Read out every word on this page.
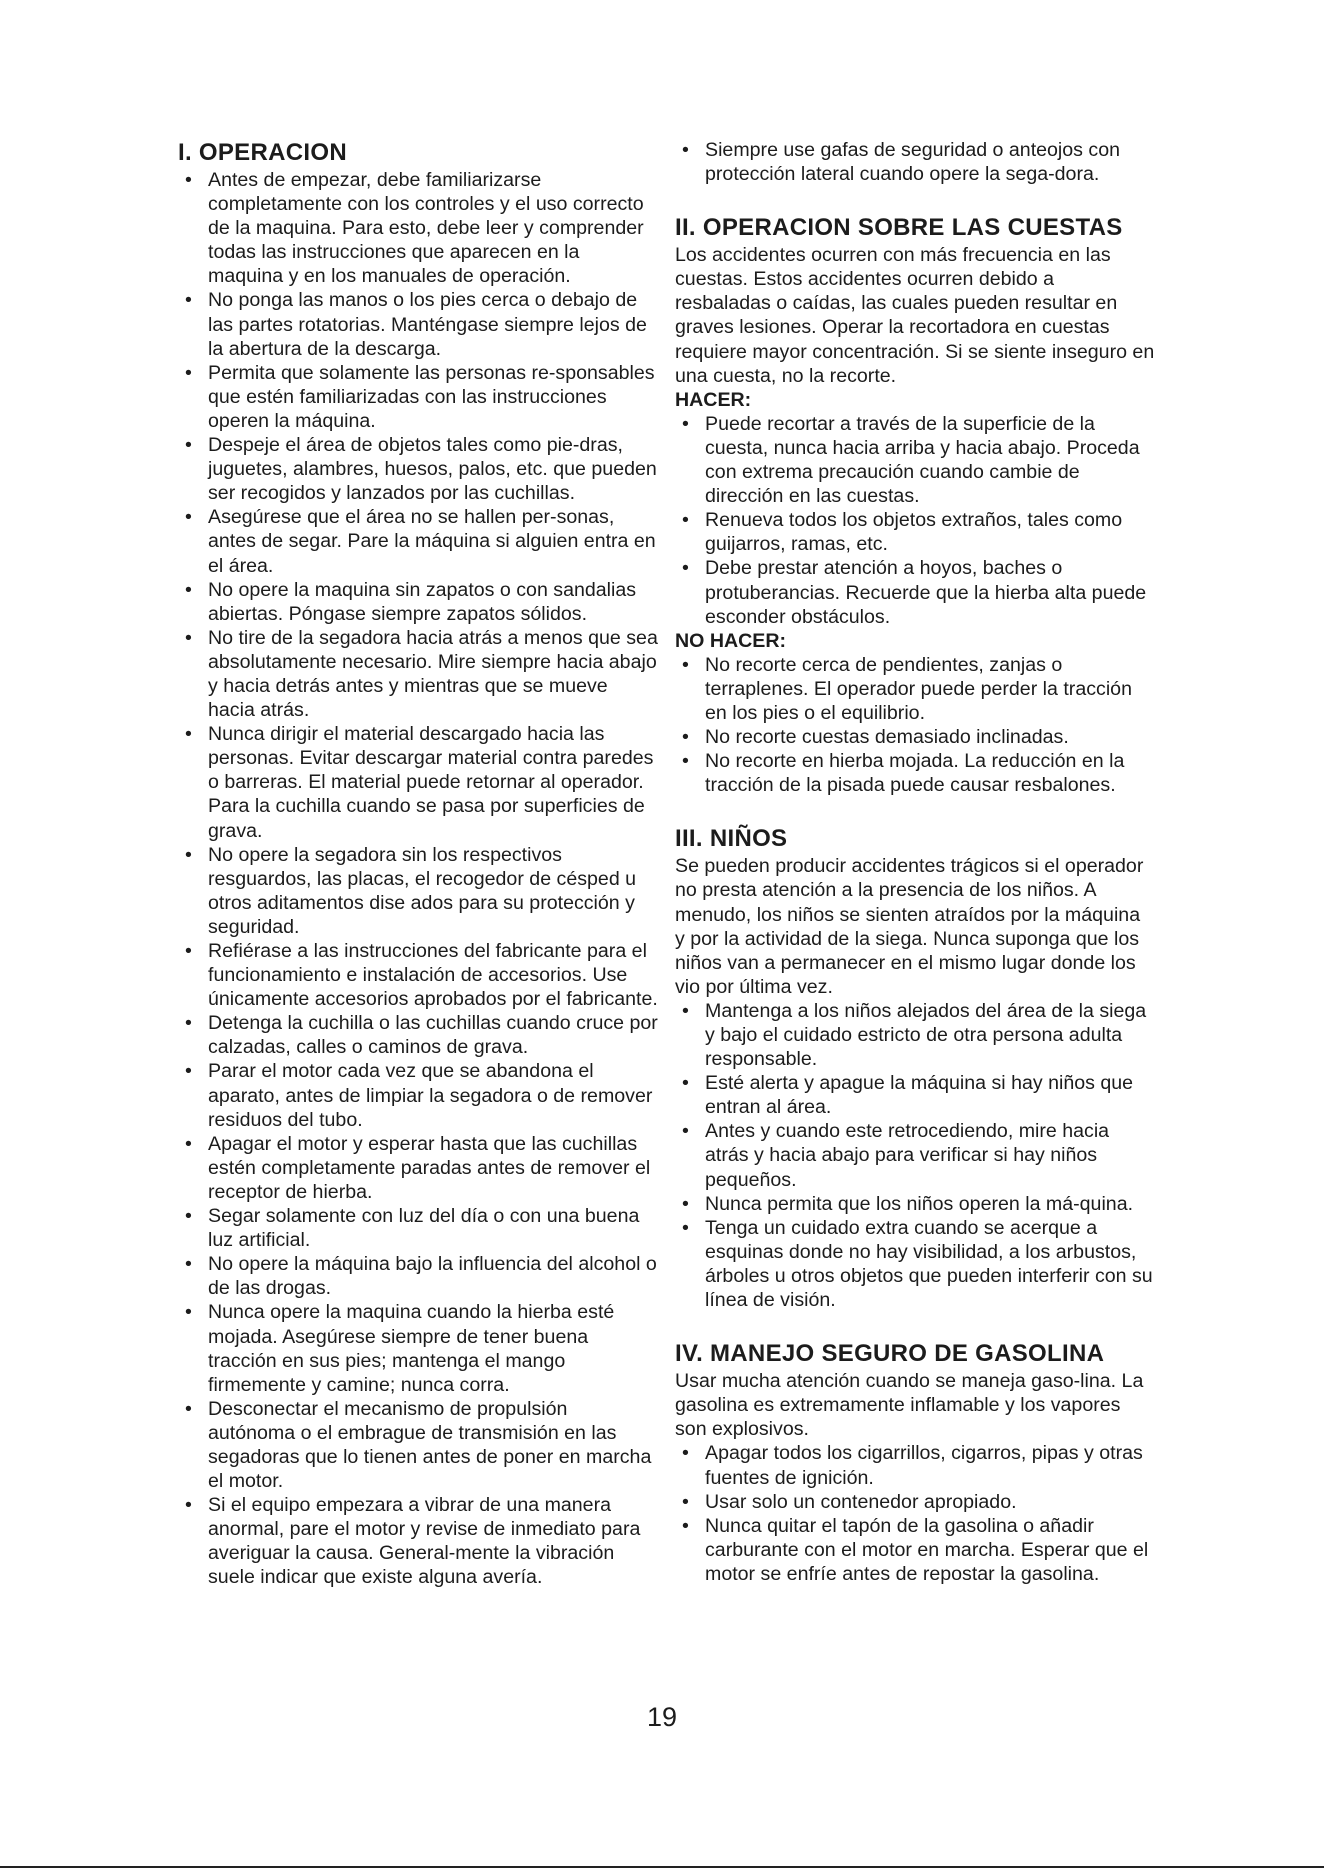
I. OPERACION
• Antes de empezar, debe familiarizarse completamente con los controles y el uso correcto de la maquina. Para esto, debe leer y comprender todas las instrucciones que aparecen en la maquina y en los manuales de operación.
• No ponga las manos o los pies cerca o debajo de las partes rotatorias. Manténgase siempre lejos de la abertura de la descarga.
• Permita que solamente las personas re-sponsables que estén familiarizadas con las instrucciones operen la máquina.
• Despeje el área de objetos tales como pie-dras, juguetes, alambres, huesos, palos, etc. que pueden ser recogidos y lanzados por las cuchillas.
• Asegúrese que el área no se hallen per-sonas, antes de segar. Pare la máquina si alguien entra en el área.
• No opere la maquina sin zapatos o con sandalias abiertas. Póngase siempre zapatos sólidos.
• No tire de la segadora hacia atrás a menos que sea absolutamente necesario. Mire siempre hacia abajo y hacia detrás antes y mientras que se mueve hacia atrás.
• Nunca dirigir el material descargado hacia las personas. Evitar descargar material contra paredes o barreras. El material puede retornar al operador. Para la cuchilla cuando se pasa por superficies de grava.
• No opere la segadora sin los respectivos resguardos, las placas, el recogedor de césped u otros aditamentos dise ados para su protección y seguridad.
• Refiérase a las instrucciones del fabricante para el funcionamiento e instalación de accesorios. Use únicamente accesorios aprobados por el fabricante.
• Detenga la cuchilla o las cuchillas cuando cruce por calzadas, calles o caminos de grava.
• Parar el motor cada vez que se abandona el aparato, antes de limpiar la segadora o de remover residuos del tubo.
• Apagar el motor y esperar hasta que las cuchillas estén completamente paradas antes de remover el receptor de hierba.
• Segar solamente con luz del día o con una buena luz artificial.
• No opere la máquina bajo la influencia del alcohol o de las drogas.
• Nunca opere la maquina cuando la hierba esté mojada. Asegúrese siempre de tener buena tracción en sus pies; mantenga el mango firmemente y camine; nunca corra.
• Desconectar el mecanismo de propulsión autónoma o el embrague de transmisión en las segadoras que lo tienen antes de poner en marcha el motor.
• Si el equipo empezara a vibrar de una manera anormal, pare el motor y revise de inmediato para averiguar la causa. General-mente la vibración suele indicar que existe alguna avería.
• Siempre use gafas de seguridad o anteojos con protección lateral cuando opere la sega-dora.
II. OPERACION SOBRE LAS CUESTAS

Los accidentes ocurren con más frecuencia en las cuestas. Estos accidentes ocurren debido a resbaladas o caídas, las cuales pueden resultar en graves lesiones. Operar la recortadora en cuestas requiere mayor concentración. Si se siente inseguro en una cuesta, no la recorte.

HACER:
• Puede recortar a través de la superficie de la cuesta, nunca hacia arriba y hacia abajo. Proceda con extrema precaución cuando cambie de dirección en las cuestas.
• Renueva todos los objetos extraños, tales como guijarros, ramas, etc.
• Debe prestar atención a hoyos, baches o protuberancias. Recuerde que la hierba alta puede esconder obstáculos.
NO HACER:
• No recorte cerca de pendientes, zanjas o terraplenes. El operador puede perder la tracción en los pies o el equilibrio.
• No recorte cuestas demasiado inclinadas.
• No recorte en hierba mojada. La reducción en la tracción de la pisada puede causar resbalones.
III. NIÑOS

Se pueden producir accidentes trágicos si el operador no presta atención a la presencia de los niños. A menudo, los niños se sienten atraídos por la máquina y por la actividad de la siega. Nunca suponga que los niños van a permanecer en el mismo lugar donde los vio por última vez.

• Mantenga a los niños alejados del área de la siega y bajo el cuidado estricto de otra persona adulta responsable.
• Esté alerta y apague la máquina si hay niños que entran al área.
• Antes y cuando este retrocediendo, mire hacia atrás y hacia abajo para verificar si hay niños pequeños.
• Nunca permita que los niños operen la má-quina.
• Tenga un cuidado extra cuando se acerque a esquinas donde no hay visibilidad, a los arbustos, árboles u otros objetos que pueden interferir con su línea de visión.
IV. MANEJO SEGURO DE GASOLINA

Usar mucha atención cuando se maneja gaso-lina. La gasolina es extremamente inflamable y los vapores son explosivos.

• Apagar todos los cigarrillos, cigarros, pipas y otras fuentes de ignición.
• Usar solo un contenedor apropiado.
• Nunca quitar el tapón de la gasolina o añadir carburante con el motor en marcha. Esperar que el motor se enfríe antes de repostar la gasolina.
19
